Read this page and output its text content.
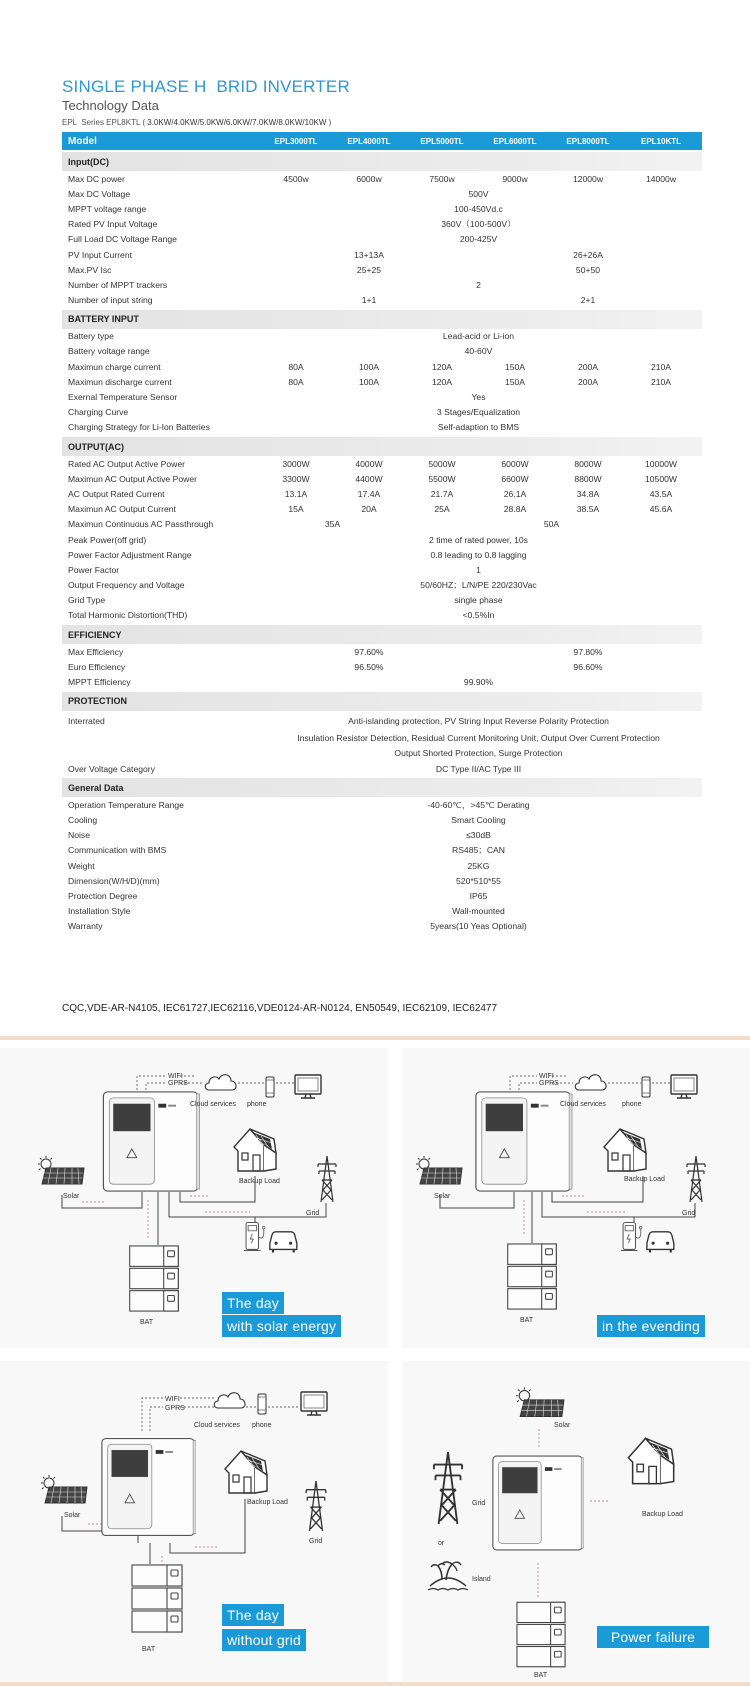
SINGLE PHASE H  BRID INVERTER
Technology Data
EPL  Series EPL8KTL ( 3.0KW/4.0KW/5.0KW/6.0KW/7.0KW/8.0KW/10KW )
Model	EPL3000TL	EPL4000TL	EPL5000TL	EPL6000TL	EPL8000TL	EPL10KTL
Input(DC)
Max DC power	4500w	6000w	7500w	9000w	12000w	14000w
Max DC Voltage	500V
MPPT voltage range	100-450Vd.c
Rated PV Input Voltage	360V（100-500V）
Full Load DC Voltage Range	200-425V
PV Input Current	13+13A	26+26A
Max.PV Isc	25+25	50+50
Number of MPPT trackers	2
Number of input string	1+1	2+1
BATTERY INPUT
Battery type	Lead-acid or Li-ion
Battery voltage range	40-60V
Maximun charge current	80A	100A	120A	150A	200A	210A
Maximun discharge current	80A	100A	120A	150A	200A	210A
Exernal Temperature Sensor	Yes
Charging Curve	3 Stages/Equalization
Charging Strategy for Li-Ion Batteries	Self-adaption to BMS
OUTPUT(AC)
Rated AC Output Active Power	3000W	4000W	5000W	6000W	8000W	10000W
Maximun AC Output Active Power	3300W	4400W	5500W	6600W	8800W	10500W
AC Output Rated Current	13.1A	17.4A	21.7A	26.1A	34.8A	43.5A
Maximun AC Output Current	15A	20A	25A	28.8A	38.5A	45.6A
Maximun Continuous AC Passthrough	35A	50A
Peak Power(off grid)	2 time of rated power, 10s
Power Factor Adjustment Range	0.8 leading to 0.8 lagging
Power Factor	1
Output Frequency and Voltage	50/60HZ；L/N/PE 220/230Vac
Grid Type	single phase
Total Harmonic Distortion(THD)	<0.5%In
EFFICIENCY
Max Efficiency	97.60%	97.80%
Euro Efficiency	96.50%	96.60%
MPPT Efficiency	99.90%
PROTECTION
Interrated	Anti-islanding protection, PV String Input Reverse Polarity Protection
Insulation Resistor Detection, Residual Current Monitoring Unit, Output Over Current Protection
Output Shorted Protection, Surge Protection
Over Voltage Category	DC Type II/AC Type III
General Data
Operation Temperature Range	-40-60℃，>45℃ Derating
Cooling	Smart Cooling
Noise	≤30dB
Communication with BMS	RS485；CAN
Weight	25KG
Dimension(W/H/D)(mm)	520*510*55
Protection Degree	IP65
Installation Style	Wall-mounted
Warranty	5years(10 Yeas Optional)
CQC,VDE-AR-N4105, IEC61727,IEC62116,VDE0124-AR-N0124, EN50549, IEC62109, IEC62477
WIFI
GPRS
Cloud services phone
Backup Load
Grid
Solar
BAT
The day
with solar energy
WIFI
GPRS
Cloud services phone
Backup Load
Grid
Solar
BAT	in the evending
WIFI
GPRS
Cloud services phone
Backup Load
Grid
Solar
BAT
The day
without grid
Solar
Grid
or
Island
Backup Load
BAT
Power failure
